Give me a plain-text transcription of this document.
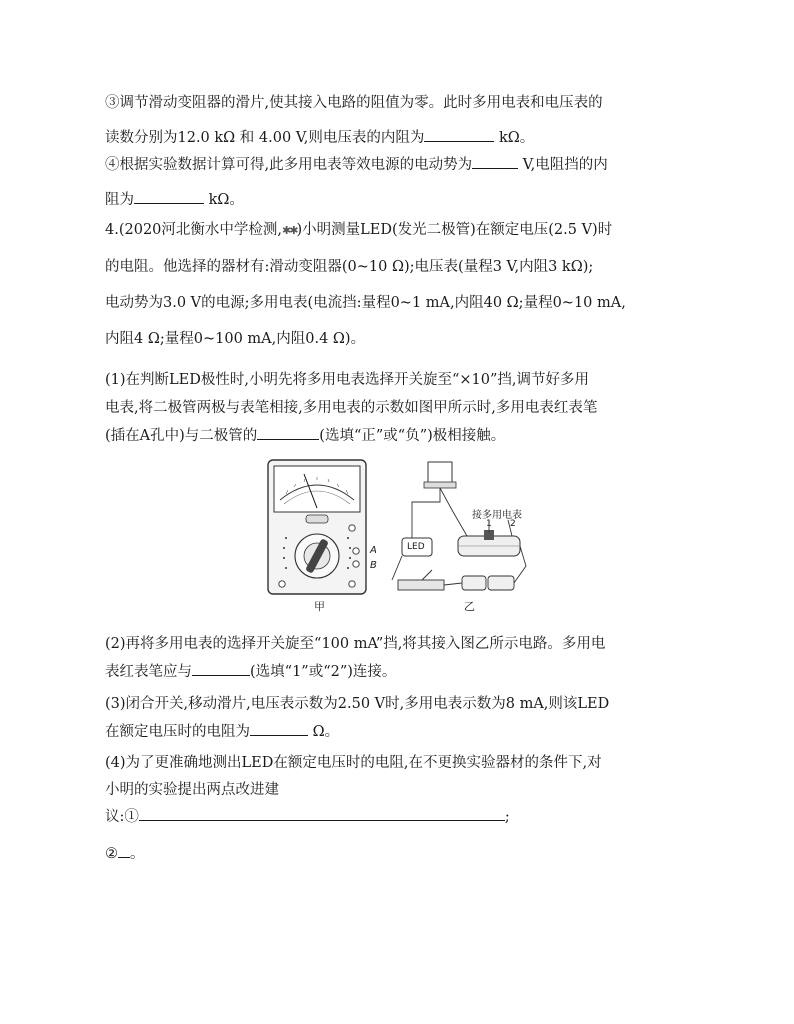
③调节滑动变阻器的滑片,使其接入电路的阻值为零。此时多用电表和电压表的
读数分别为12.0 kΩ 和 4.00 V,则电压表的内阻为	kΩ。
④根据实验数据计算可得,此多用电表等效电源的电动势为	V,电阻挡的内
阻为	kΩ。
4.(2020河北衡水中学检测,✱✱)小明测量LED(发光二极管)在额定电压(2.5 V)时
的电阻。他选择的器材有:滑动变阻器(0~10 Ω);电压表(量程3 V,内阻3 kΩ);
电动势为3.0 V的电源;多用电表(电流挡:量程0~1 mA,内阻40 Ω;量程0~10 mA,
内阻4 Ω;量程0~100 mA,内阻0.4 Ω)。
(1)在判断LED极性时,小明先将多用电表选择开关旋至“×10”挡,调节好多用
电表,将二极管两极与表笔相接,多用电表的示数如图甲所示时,多用电表红表笔
(插在A孔中)与二极管的	(选填“正”或“负”)极相接触。
甲	乙
接多用电表
1 2
LED
A
B
(2)再将多用电表的选择开关旋至“100 mA”挡,将其接入图乙所示电路。多用电
表红表笔应与	(选填“1”或“2”)连接。
(3)闭合开关,移动滑片,电压表示数为2.50 V时,多用电表示数为8 mA,则该LED
在额定电压时的电阻为	Ω。
(4)为了更准确地测出LED在额定电压时的电阻,在不更换实验器材的条件下,对
小明的实验提出两点改进建
议:①	;
② 。
